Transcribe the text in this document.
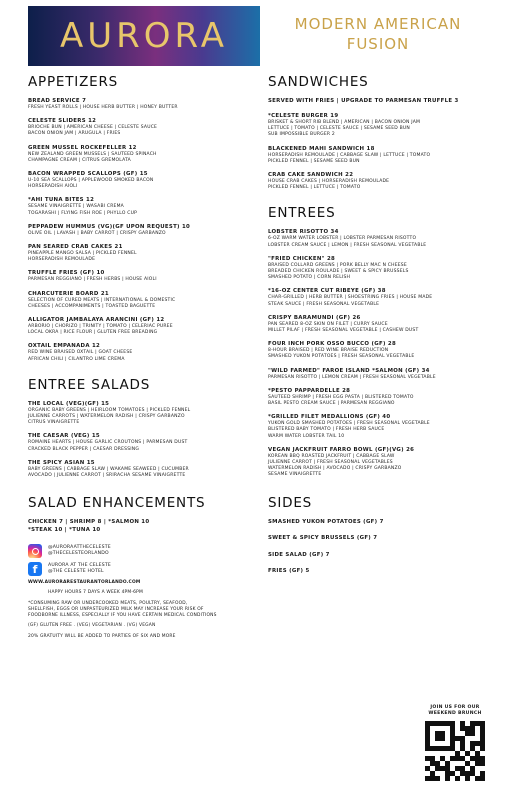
AURORA	MODERN AMERICAN
FUSION
APPETIZERS
BREAD SERVICE 7
FRESH YEAST ROLLS | HOUSE HERB BUTTER | HONEY BUTTER
CELESTE SLIDERS 12
BRIOCHE BUN | AMERICAN CHEESE | CELESTE SAUCE
BACON ONION JAM | ARUGULA | FRIES
GREEN MUSSEL ROCKEFELLER 12
NEW ZEALAND GREEN MUSSELS | SAUTEED SPINACH
CHAMPAGNE CREAM | CITRUS GREMOLATA
BACON WRAPPED SCALLOPS (GF) 15
U-10 SEA SCALLOPS | APPLEWOOD SMOKED BACON
HORSERADISH AIOLI
*AHI TUNA BITES 12
SESAME VINAIGRETTE | WASABI CREMA
TOGARASHI | FLYING FISH ROE | PHYLLO CUP
PEPPADEW HUMMUS (VG)(GF UPON REQUEST) 10
OLIVE OIL | LAVASH | BABY CARROT | CRISPY GARBANZO
PAN SEARED CRAB CAKES 21
PINEAPPLE MANGO SALSA | PICKLED FENNEL
HORSERADISH REMOULADE
TRUFFLE FRIES (GF) 10
PARMESAN REGGIANO | FRESH HERBS | HOUSE AIOLI
CHARCUTERIE BOARD 21
SELECTION OF CURED MEATS | INTERNATIONAL & DOMESTIC
CHEESES | ACCOMPANIMENTS | TOASTED BAGUETTE
ALLIGATOR JAMBALAYA ARANCINI (GF) 12
ARBORIO | CHORIZO | TRINITY | TOMATO | CELERIAC PUREE
LOCAL OKRA | RICE FLOUR | GLUTEN FREE BREADING
OXTAIL EMPANADA 12
RED WINE BRAISED OXTAIL | GOAT CHEESE
AFRICAN CHILI | CILANTRO LIME CREMA
ENTREE SALADS
THE LOCAL (VEG)(GF) 15
ORGANIC BABY GREENS | HEIRLOOM TOMATOES | PICKLED FENNEL
JULIENNE CARROTS | WATERMELON RADISH | CRISPY GARBANZO
CITRUS VINAIGRETTE
THE CAESAR (VEG) 15
ROMAINE HEARTS | HOUSE GARLIC CROUTONS | PARMESAN DUST
CRACKED BLACK PEPPER | CAESAR DRESSING
THE SPICY ASIAN 15
BABY GREENS | CABBAGE SLAW | WAKAME SEAWEED | CUCUMBER
AVOCADO | JULIENNE CARROT | SRIRACHA SESAME VINAIGRETTE
SALAD ENHANCEMENTS
CHICKEN 7 | SHRIMP 8 | *SALMON 10
*STEAK 10 | *TUNA 10
@AURORAATTHECELESTE
@THECELESTEORLANDO
f	AURORA AT THE CELESTE
@THE CELESTE HOTEL
WWW.AURORARESTAURANTORLANDO.COM
HAPPY HOURS 7 DAYS A WEEK 4PM-6PM
*CONSUMING RAW OR UNDERCOOKED MEATS, POULTRY, SEAFOOD,
SHELLFISH, EGGS OR UNPASTEURIZED MILK MAY INCREASE YOUR RISK OF
FOODBORNE ILLNESS, ESPECIALLY IF YOU HAVE CERTAIN MEDICAL CONDITIONS
(GF) GLUTEN FREE . (VEG) VEGETARIAN . (VG) VEGAN
20% GRATUITY WILL BE ADDED TO PARTIES OF SIX AND MORE
SANDWICHES
SERVED WITH FRIES | UPGRADE TO PARMESAN TRUFFLE 3
*CELESTE BURGER 19
BRISKET & SHORT RIB BLEND | AMERICAN | BACON ONION JAM
LETTUCE | TOMATO | CELESTE SAUCE | SESAME SEED BUN
SUB IMPOSSIBLE BURGER 2
BLACKENED MAHI SANDWICH 18
HORSERADISH REMOULADE | CABBAGE SLAW | LETTUCE | TOMATO
PICKLED FENNEL | SESAME SEED BUN
CRAB CAKE SANDWICH 22
HOUSE CRAB CAKES | HORSERADISH REMOULADE
PICKLED FENNEL | LETTUCE | TOMATO
ENTREES
LOBSTER RISOTTO 34
6-OZ WARM WATER LOBSTER | LOBSTER PARMESAN RISOTTO
LOBSTER CREAM SAUCE | LEMON | FRESH SEASONAL VEGETABLE
"FRIED CHICKEN" 28
BRAISED COLLARD GREENS | PORK BELLY MAC N CHEESE
BREADED CHICKEN ROULADE | SWEET & SPICY BRUSSELS
SMASHED POTATO | CORN RELISH
*16-OZ CENTER CUT RIBEYE (GF) 38
CHAR-GRILLED | HERB BUTTER | SHOESTRING FRIES | HOUSE MADE
STEAK SAUCE | FRESH SEASONAL VEGETABLE
CRISPY BARAMUNDI (GF) 26
PAN SEARED 8-OZ SKIN ON FILET | CURRY SAUCE
MILLET PILAF | FRESH SEASONAL VEGETABLE | CASHEW DUST
FOUR INCH PORK OSSO BUCCO (GF) 28
8-HOUR BRAISED | RED WINE BRAISE REDUCTION
SMASHED YUKON POTATOES | FRESH SEASONAL VEGETABLE
"WILD FARMED" FAROE ISLAND *SALMON (GF) 34
PARMESAN RISOTTO | LEMON CREAM | FRESH SEASONAL VEGETABLE
*PESTO PAPPARDELLE 28
SAUTEED SHRIMP | FRESH EGG PASTA | BLISTERED TOMATO
BASIL PESTO CREAM SAUCE | PARMESAN REGGIANO
*GRILLED FILET MEDALLIONS (GF) 40
YUKON GOLD SMASHED POTATOES | FRESH SEASONAL VEGETABLE
BLISTERED BABY TOMATO | FRESH HERB SAUCE
WARM WATER LOBSTER TAIL 10
VEGAN JACKFRUIT FARRO BOWL (GF)(VG) 26
KOREAN BBQ ROASTED JACKFRUIT | CABBAGE SLAW
JULIENNE CARROT | FRESH SEASONAL VEGETABLES
WATERMELON RADISH | AVOCADO | CRISPY GARBANZO
SESAME VINAIGRETTE
SIDES
SMASHED YUKON POTATOES (GF) 7
SWEET & SPICY BRUSSELS (GF) 7
SIDE SALAD (GF) 7
FRIES (GF) 5
JOIN US FOR OUR
WEEKEND BRUNCH
